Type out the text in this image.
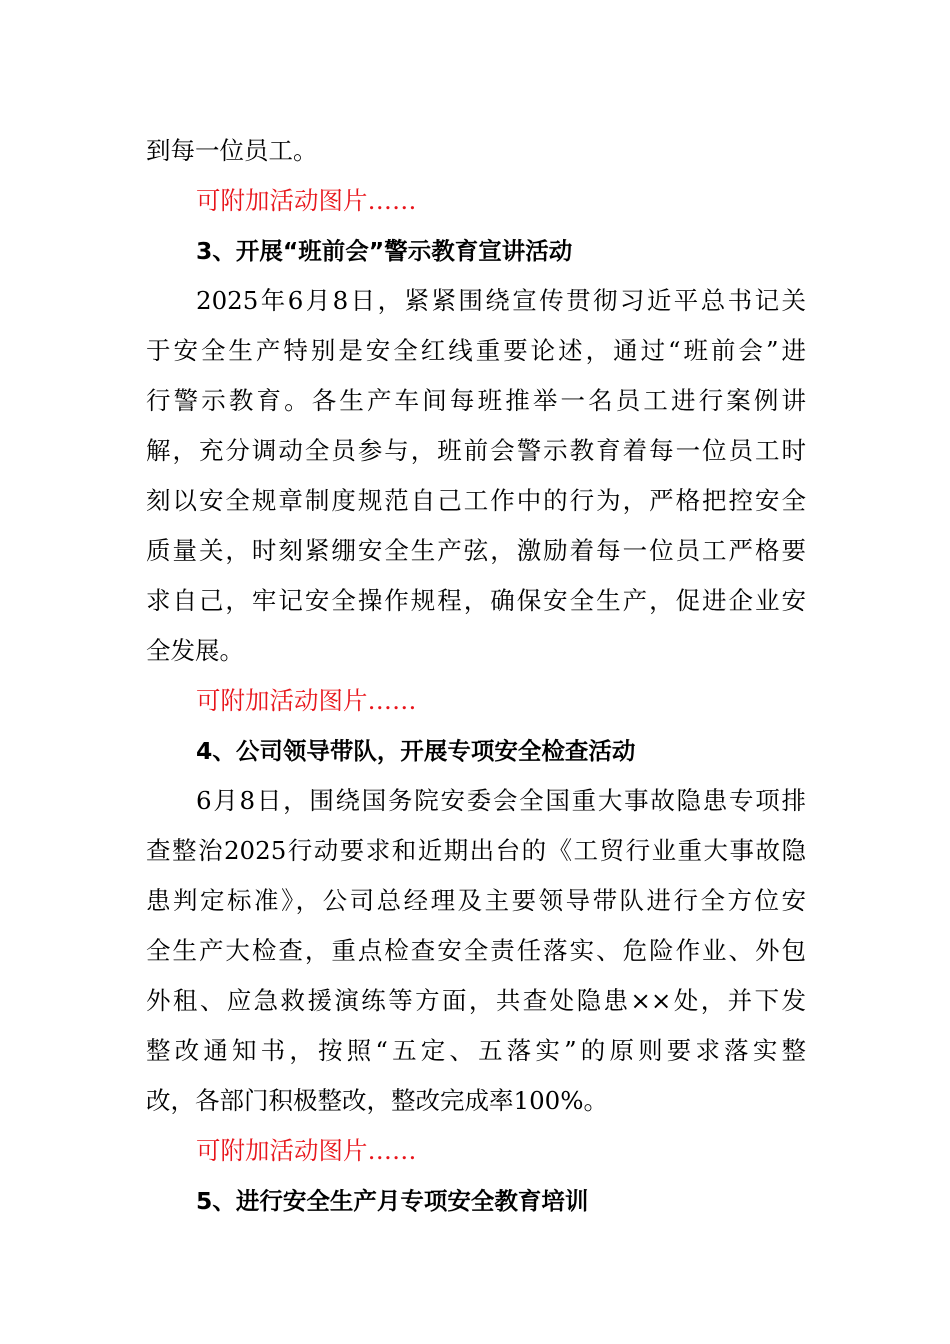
到每一位员工。
可附加活动图片……
3、开展“班前会”警示教育宣讲活动
2025年6月8日，紧紧围绕宣传贯彻习近平总书记关
于安全生产特别是安全红线重要论述，通过“班前会”进
行警示教育。各生产车间每班推举一名员工进行案例讲
解，充分调动全员参与，班前会警示教育着每一位员工时
刻以安全规章制度规范自己工作中的行为，严格把控安全
质量关，时刻紧绷安全生产弦，激励着每一位员工严格要
求自己，牢记安全操作规程，确保安全生产，促进企业安
全发展。
可附加活动图片……
4、公司领导带队，开展专项安全检查活动
6月8日，围绕国务院安委会全国重大事故隐患专项排
查整治2025行动要求和近期出台的《工贸行业重大事故隐
患判定标准》，公司总经理及主要领导带队进行全方位安
全生产大检查，重点检查安全责任落实、危险作业、外包
外租、应急救援演练等方面，共查处隐患××处，并下发
整改通知书，按照“五定、五落实”的原则要求落实整
改，各部门积极整改，整改完成率100%。
可附加活动图片……
5、进行安全生产月专项安全教育培训
